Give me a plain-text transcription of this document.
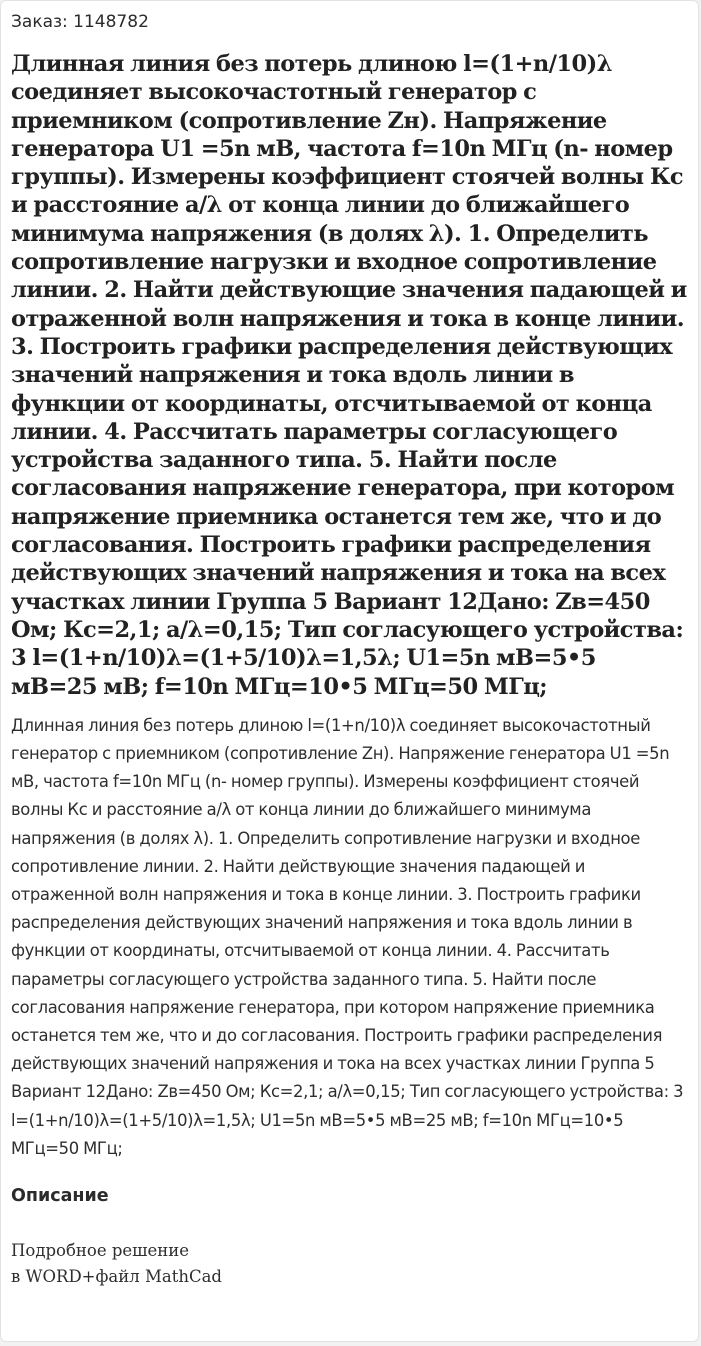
Заказ: 1148782
Длинная линия без потерь длиною l=(1+n/10)λ соединяет высокочастотный генератор с приемником (сопротивление Zн). Напряжение генератора U1 =5n мВ, частота f=10n МГц (n- номер группы). Измерены коэффициент стоячей волны Кс и расстояние a/λ от конца линии до ближайшего минимума напряжения (в долях λ). 1. Определить сопротивление нагрузки и входное сопротивление линии. 2. Найти действующие значения падающей и отраженной волн напряжения и тока в конце линии. 3. Построить графики распределения действующих значений напряжения и тока вдоль линии в функции от координаты, отсчитываемой от конца линии. 4. Рассчитать параметры согласующего устройства заданного типа. 5. Найти после согласования напряжение генератора, при котором напряжение приемника останется тем же, что и до согласования. Построить графики распределения действующих значений напряжения и тока на всех участках линии Группа 5 Вариант 12Дано: Zв=450 Ом; Кс=2,1; a/λ=0,15; Тип согласующего устройства: 3 l=(1+n/10)λ=(1+5/10)λ=1,5λ; U1=5n мВ=5•5 мВ=25 мВ; f=10n МГц=10•5 МГц=50 МГц;

Длинная линия без потерь длиною l=(1+n/10)λ соединяет высокочастотный генератор с приемником (сопротивление Zн). Напряжение генератора U1 =5n мВ, частота f=10n МГц (n- номер группы). Измерены коэффициент стоячей волны Кс и расстояние a/λ от конца линии до ближайшего минимума напряжения (в долях λ). 1. Определить сопротивление нагрузки и входное сопротивление линии. 2. Найти действующие значения падающей и отраженной волн напряжения и тока в конце линии. 3. Построить графики распределения действующих значений напряжения и тока вдоль линии в функции от координаты, отсчитываемой от конца линии. 4. Рассчитать параметры согласующего устройства заданного типа. 5. Найти после согласования напряжение генератора, при котором напряжение приемника останется тем же, что и до согласования. Построить графики распределения действующих значений напряжения и тока на всех участках линии Группа 5 Вариант 12Дано: Zв=450 Ом; Кс=2,1; a/λ=0,15; Тип согласующего устройства: 3 l=(1+n/10)λ=(1+5/10)λ=1,5λ; U1=5n мВ=5•5 мВ=25 мВ; f=10n МГц=10•5 МГц=50 МГц;

Описание
Подробное решение
в WORD+файл MathCad
